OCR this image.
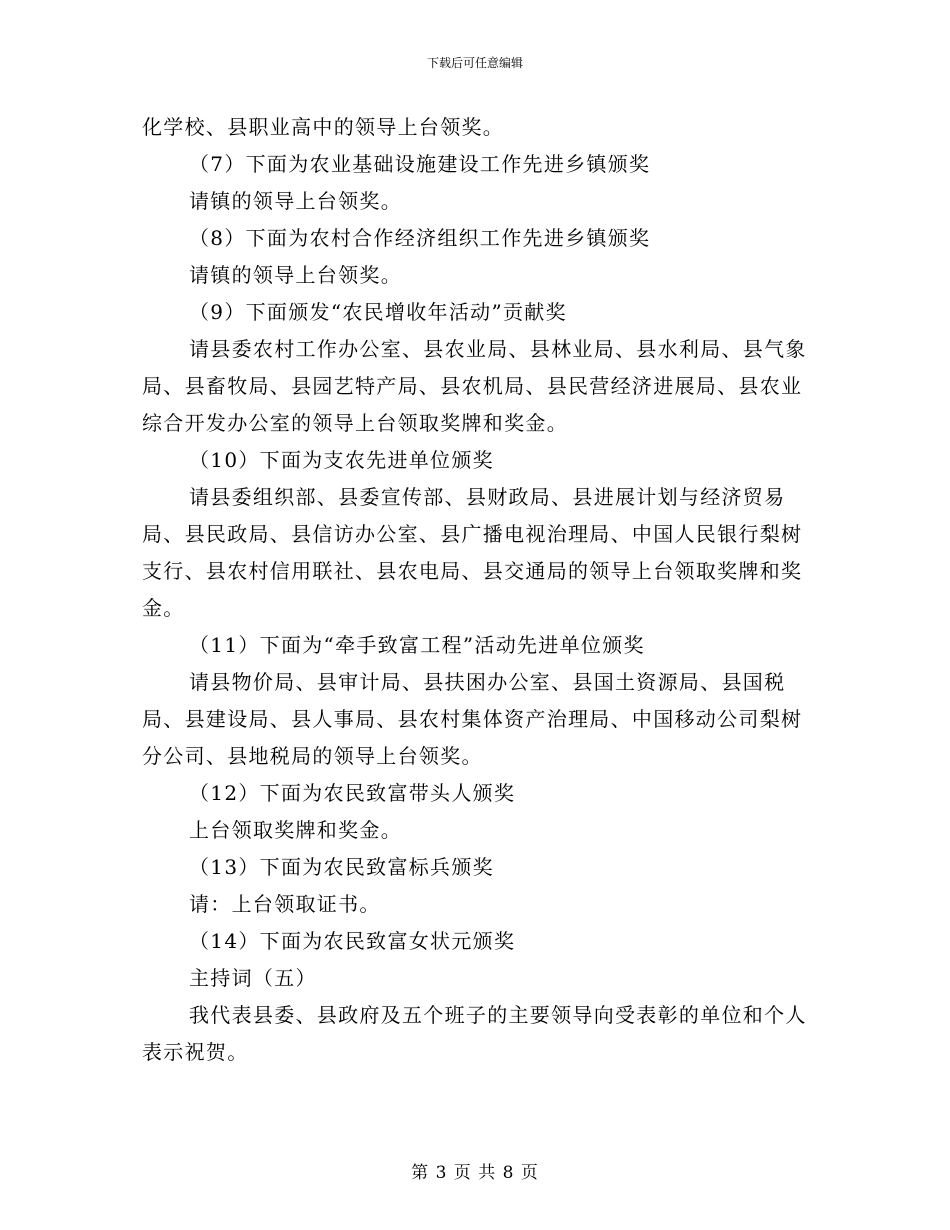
下载后可任意编辑

化学校、县职业高中的领导上台领奖。

（7）下面为农业基础设施建设工作先进乡镇颁奖

请镇的领导上台领奖。

（8）下面为农村合作经济组织工作先进乡镇颁奖

请镇的领导上台领奖。

（9）下面颁发“农民增收年活动”贡献奖

请县委农村工作办公室、县农业局、县林业局、县水利局、县气象局、县畜牧局、县园艺特产局、县农机局、县民营经济进展局、县农业综合开发办公室的领导上台领取奖牌和奖金。

（10）下面为支农先进单位颁奖

请县委组织部、县委宣传部、县财政局、县进展计划与经济贸易局、县民政局、县信访办公室、县广播电视治理局、中国人民银行梨树支行、县农村信用联社、县农电局、县交通局的领导上台领取奖牌和奖金。

（11）下面为“牵手致富工程”活动先进单位颁奖

请县物价局、县审计局、县扶困办公室、县国土资源局、县国税局、县建设局、县人事局、县农村集体资产治理局、中国移动公司梨树分公司、县地税局的领导上台领奖。

（12）下面为农民致富带头人颁奖

上台领取奖牌和奖金。

（13）下面为农民致富标兵颁奖

请：上台领取证书。

（14）下面为农民致富女状元颁奖

主持词（五）

我代表县委、县政府及五个班子的主要领导向受表彰的单位和个人表示祝贺。

第 3 页 共 8 页
